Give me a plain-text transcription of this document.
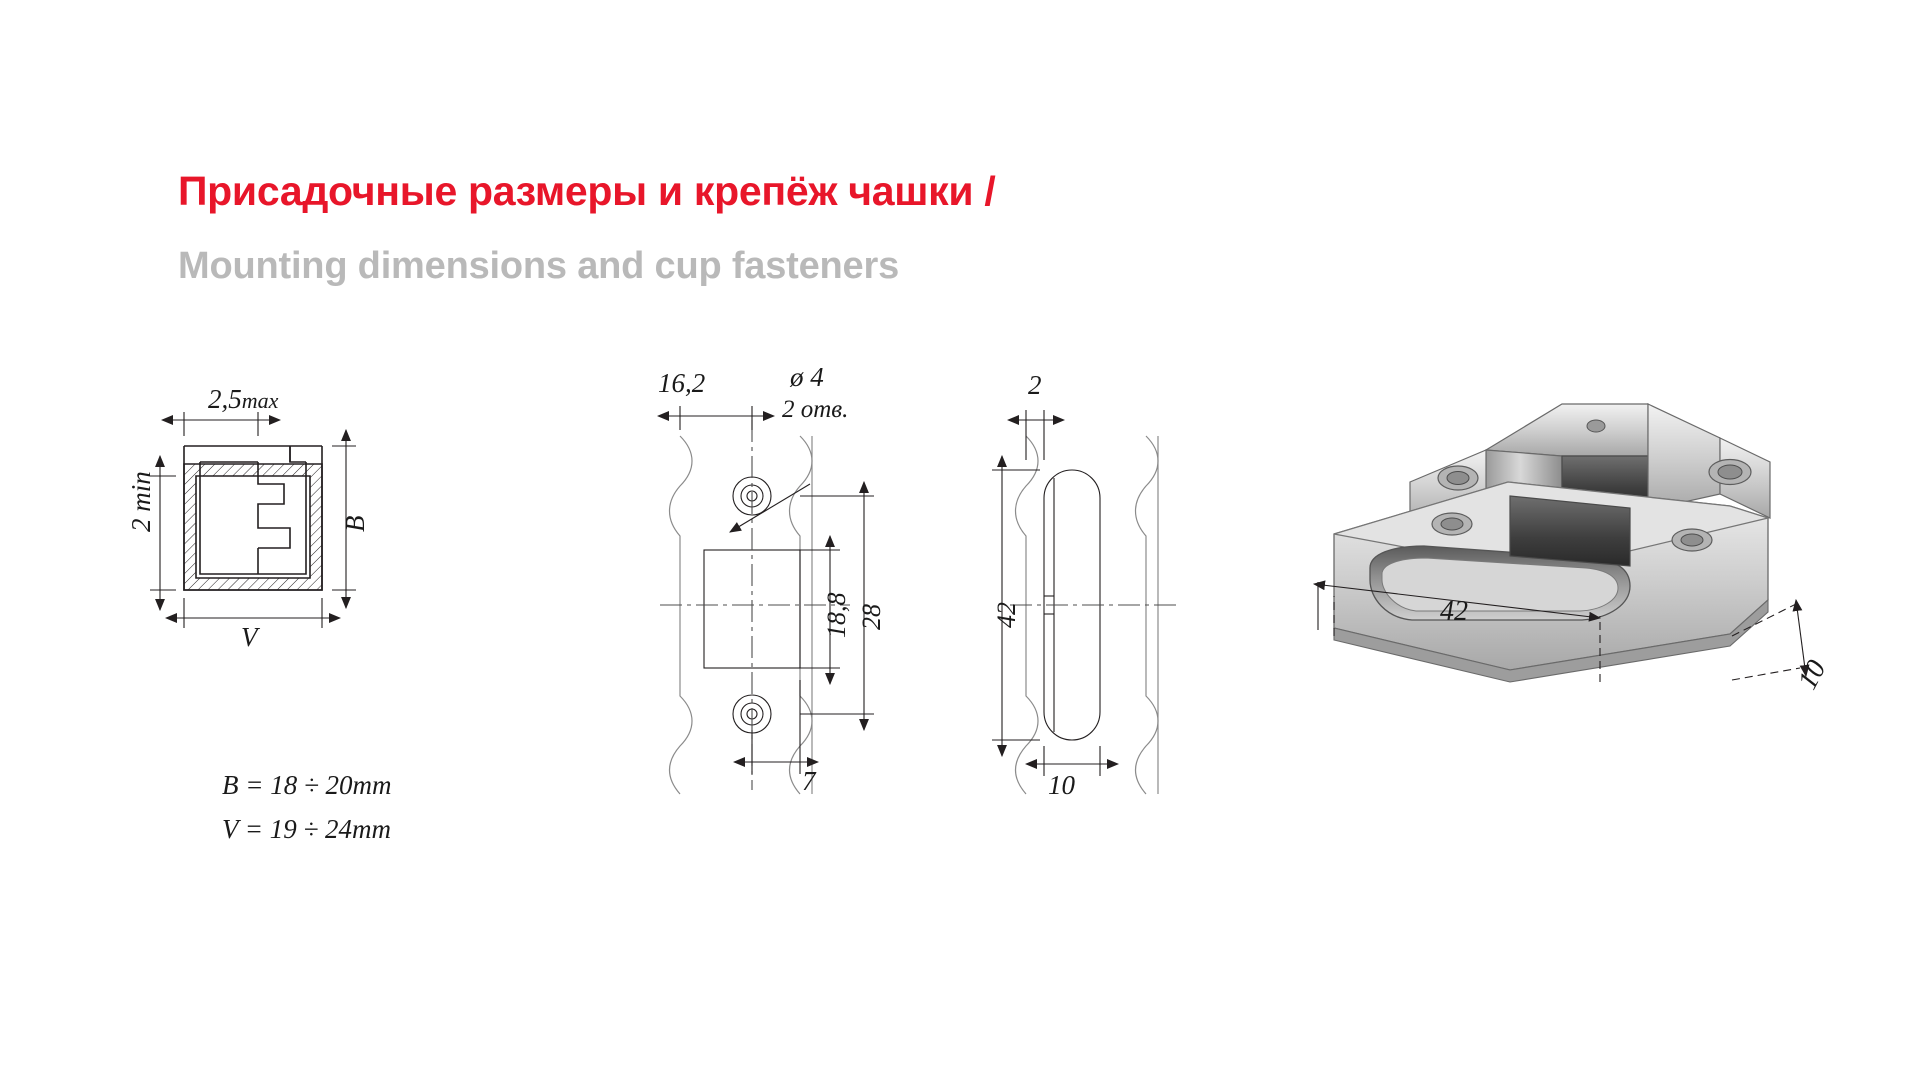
Присадочные размеры и крепёж чашки /
Mounting dimensions and cup fasteners
2,5max
2 min	B
V
B = 18 ÷ 20mm
V = 19 ÷ 24mm
16,2	ø 4
2 отв.
18,8 28
7
2
42
10
42
10
